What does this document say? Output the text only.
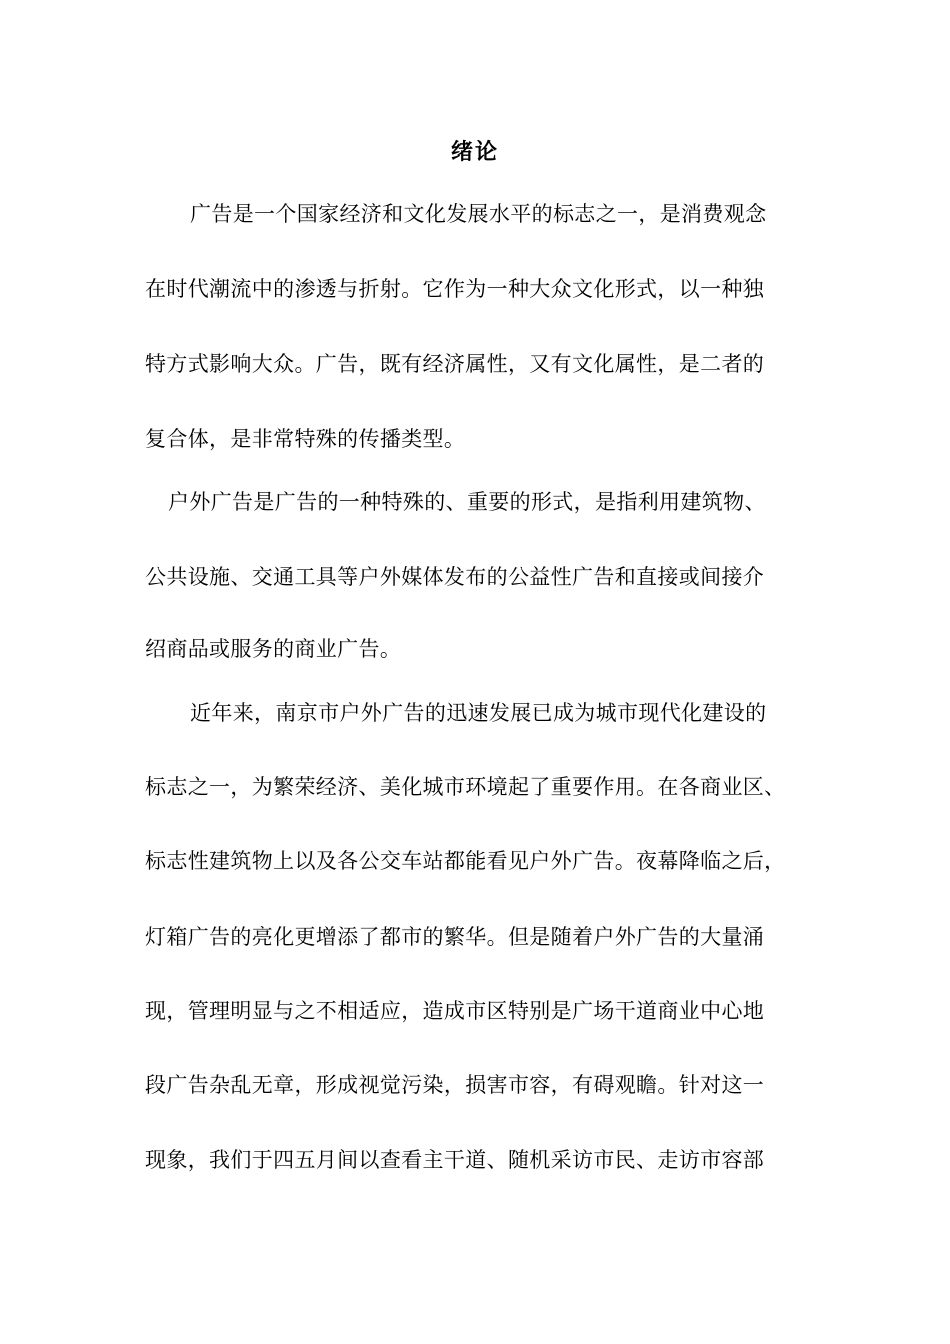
绪论
广告是一个国家经济和文化发展水平的标志之一，是消费观念
在时代潮流中的渗透与折射。它作为一种大众文化形式，以一种独
特方式影响大众。广告，既有经济属性，又有文化属性，是二者的
复合体，是非常特殊的传播类型。
户外广告是广告的一种特殊的、重要的形式，是指利用建筑物、
公共设施、交通工具等户外媒体发布的公益性广告和直接或间接介
绍商品或服务的商业广告。
近年来，南京市户外广告的迅速发展已成为城市现代化建设的
标志之一，为繁荣经济、美化城市环境起了重要作用。在各商业区、
标志性建筑物上以及各公交车站都能看见户外广告。夜幕降临之后，
灯箱广告的亮化更增添了都市的繁华。但是随着户外广告的大量涌
现，管理明显与之不相适应，造成市区特别是广场干道商业中心地
段广告杂乱无章，形成视觉污染，损害市容，有碍观瞻。针对这一
现象，我们于四五月间以查看主干道、随机采访市民、走访市容部
